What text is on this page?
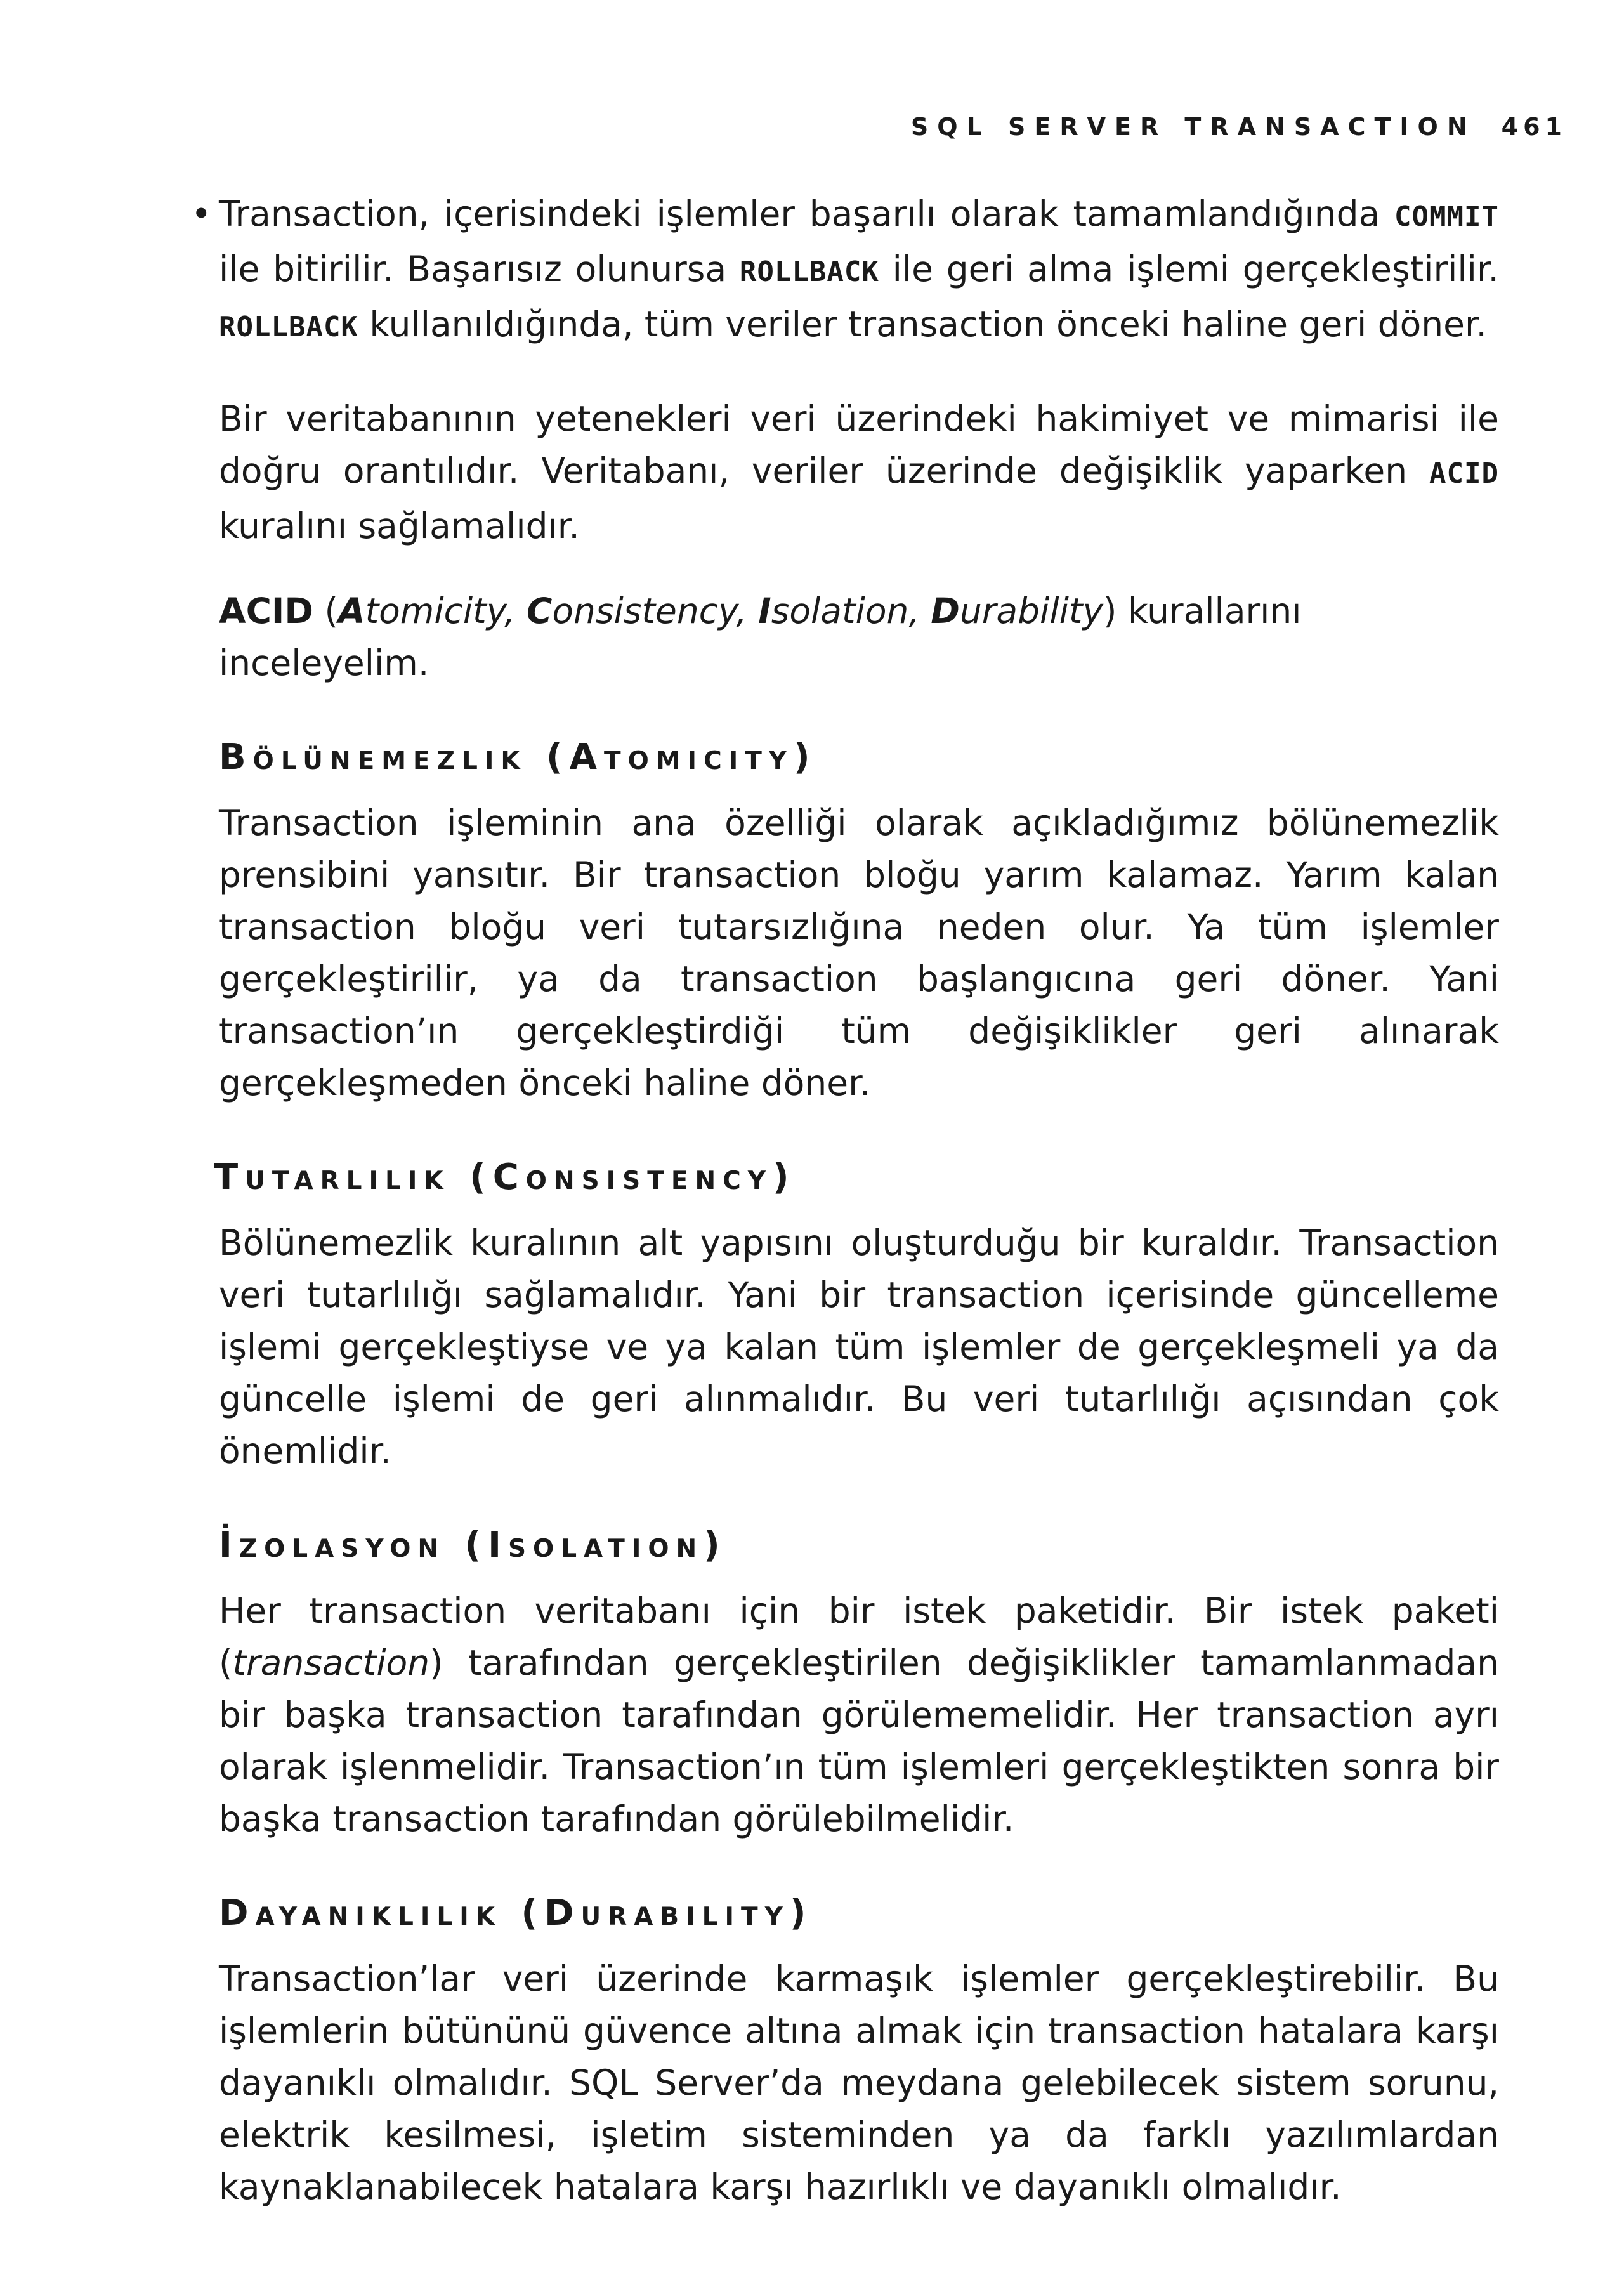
SQL SERVER TRANSACTION 461
• Transaction, içerisindeki işlemler başarılı olarak tamamlandığında COMMIT ile bitirilir. Başarısız olunursa ROLLBACK ile geri alma işlemi gerçekleştirilir. ROLLBACK kullanıldığında, tüm veriler transaction önceki haline geri döner.

Bir veritabanının yetenekleri veri üzerindeki hakimiyet ve mimarisi ile doğru orantılıdır. Veritabanı, veriler üzerinde değişiklik yaparken ACID kuralını sağlamalıdır.

ACID (Atomicity, Consistency, Isolation, Durability) kurallarını inceleyelim.

Bölünemezlik (Atomicity)

Transaction işleminin ana özelliği olarak açıkladığımız bölünemezlik prensibini yansıtır. Bir transaction bloğu yarım kalamaz. Yarım kalan transaction bloğu veri tutarsızlığına neden olur. Ya tüm işlemler gerçekleştirilir, ya da transaction başlangıcına geri döner. Yani transaction’ın gerçekleştirdiği tüm değişiklikler geri alınarak gerçekleşmeden önceki haline döner.

Tutarlılık (Consistency)

Bölünemezlik kuralının alt yapısını oluşturduğu bir kuraldır. Transaction veri tutarlılığı sağlamalıdır. Yani bir transaction içerisinde güncelleme işlemi gerçekleştiyse ve ya kalan tüm işlemler de gerçekleşmeli ya da güncelle işlemi de geri alınmalıdır. Bu veri tutarlılığı açısından çok önemlidir.

İzolasyon (Isolation)

Her transaction veritabanı için bir istek paketidir. Bir istek paketi (transaction) tarafından gerçekleştirilen değişiklikler tamamlanmadan bir başka transaction tarafından görülememelidir. Her transaction ayrı olarak işlenmelidir. Transaction’ın tüm işlemleri gerçekleştikten sonra bir başka transaction tarafından görülebilmelidir.

Dayanıklılık (Durability)

Transaction’lar veri üzerinde karmaşık işlemler gerçekleştirebilir. Bu işlemlerin bütününü güvence altına almak için transaction hatalara karşı dayanıklı olmalıdır. SQL Server’da meydana gelebilecek sistem sorunu, elektrik kesilmesi, işletim sisteminden ya da farklı yazılımlardan kaynaklanabilecek hatalara karşı hazırlıklı ve dayanıklı olmalıdır.
